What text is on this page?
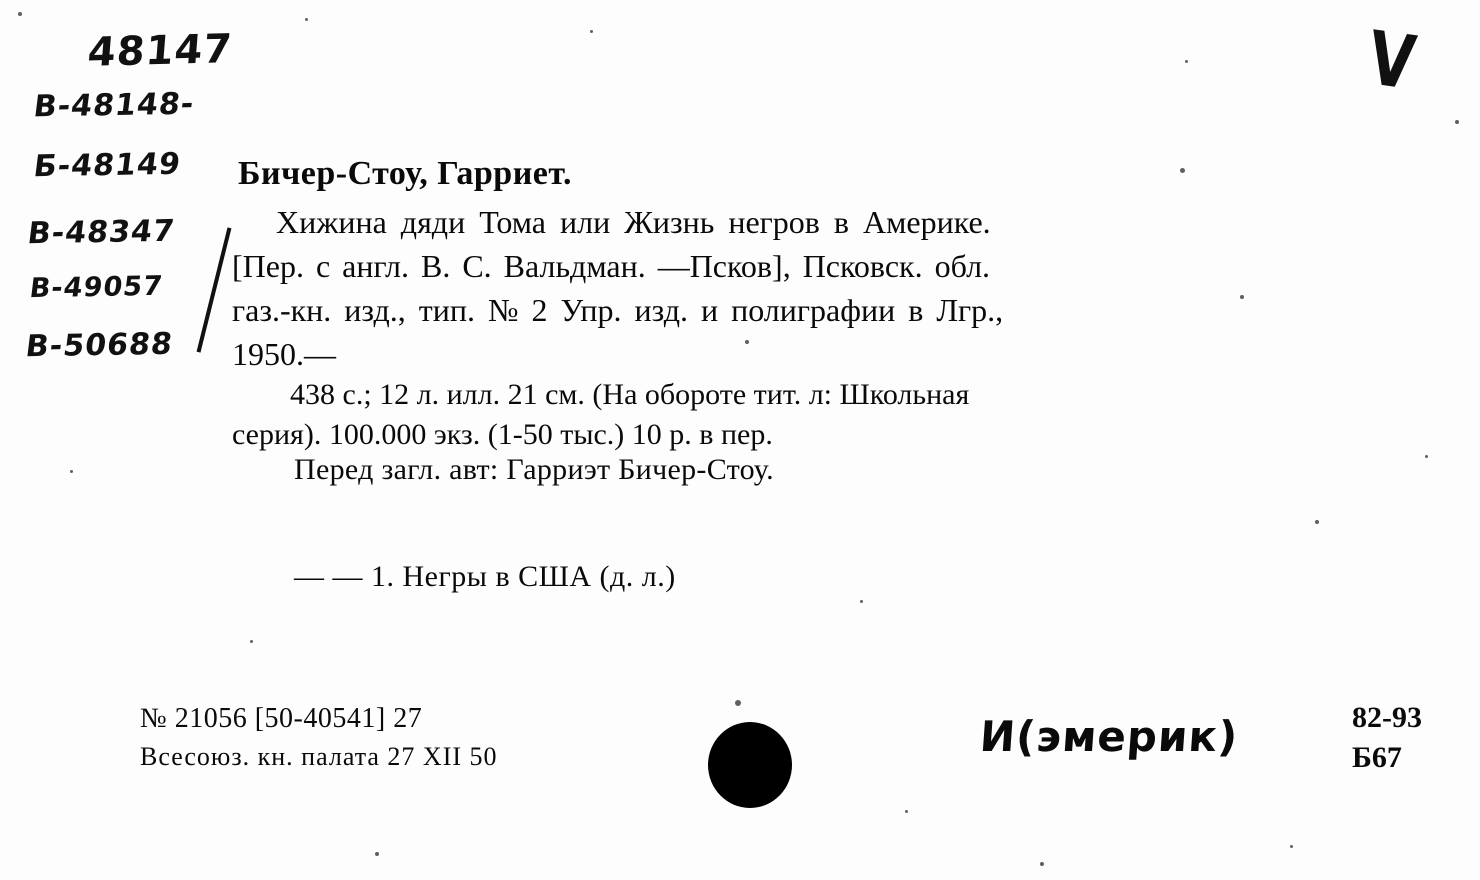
V
48147
В-48148-
Б-48149
В-48347
В-49057
В-50688
Бичер-Стоу, Гарриет.
Хижина дяди Тома или Жизнь негров в Америке.
[Пер. с англ. В. С. Вальдман. —Псков], Псковск. обл.
газ.-кн. изд., тип. № 2 Упр. изд. и полиграфии в Лгр.,
1950.—
438 с.; 12 л. илл. 21 см. (На обороте тит. л: Школьная
серия). 100.000 экз. (1-50 тыс.) 10 р. в пер.
Перед загл. авт: Гарриэт Бичер-Стоу.
— — 1. Негры в США (д. л.)
№ 21056 [50-40541] 27
Всесоюз. кн. палата 27 XII 50	И(эмерик)	82-93
Б67
